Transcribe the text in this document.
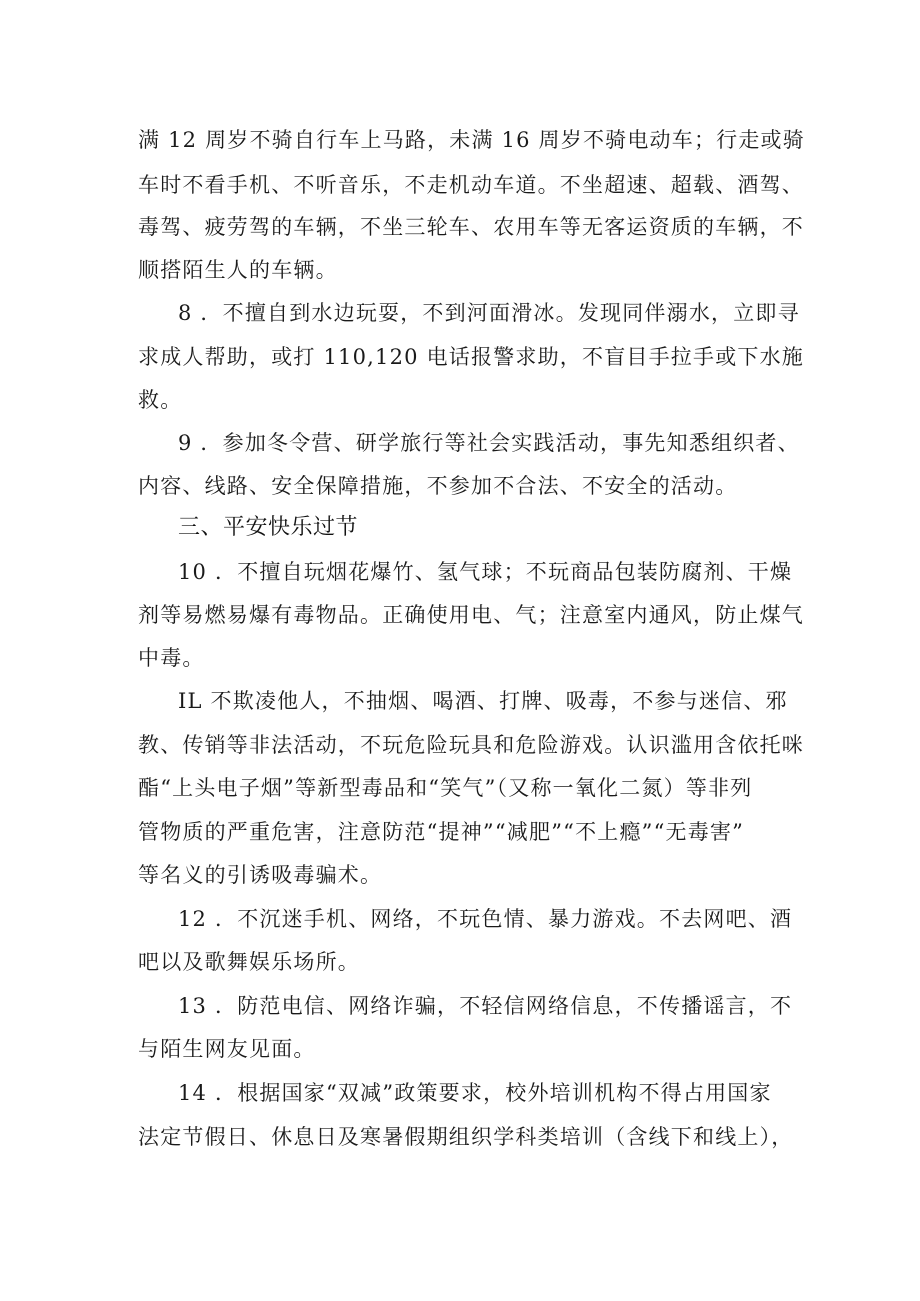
满 12 周岁不骑自行车上马路，未满 16 周岁不骑电动车；行走或骑
车时不看手机、不听音乐，不走机动车道。不坐超速、超载、酒驾、
毒驾、疲劳驾的车辆，不坐三轮车、农用车等无客运资质的车辆，不
顺搭陌生人的车辆。
8 ．不擅自到水边玩耍，不到河面滑冰。发现同伴溺水，立即寻
求成人帮助，或打 110,120 电话报警求助，不盲目手拉手或下水施
救。
9 ．参加冬令营、研学旅行等社会实践活动，事先知悉组织者、
内容、线路、安全保障措施，不参加不合法、不安全的活动。
三、平安快乐过节
10 ．不擅自玩烟花爆竹、氢气球；不玩商品包装防腐剂、干燥
剂等易燃易爆有毒物品。正确使用电、气；注意室内通风，防止煤气
中毒。
IL 不欺凌他人，不抽烟、喝酒、打牌、吸毒，不参与迷信、邪
教、传销等非法活动，不玩危险玩具和危险游戏。认识滥用含依托咪
酯“上头电子烟”等新型毒品和“笑气”（又称一氧化二氮）等非列
管物质的严重危害，注意防范“提神”“减肥”“不上瘾”“无毒害”
等名义的引诱吸毒骗术。
12 ．不沉迷手机、网络，不玩色情、暴力游戏。不去网吧、酒
吧以及歌舞娱乐场所。
13 ．防范电信、网络诈骗，不轻信网络信息，不传播谣言，不
与陌生网友见面。
14 ．根据国家“双减”政策要求，校外培训机构不得占用国家
法定节假日、休息日及寒暑假期组织学科类培训（含线下和线上），
